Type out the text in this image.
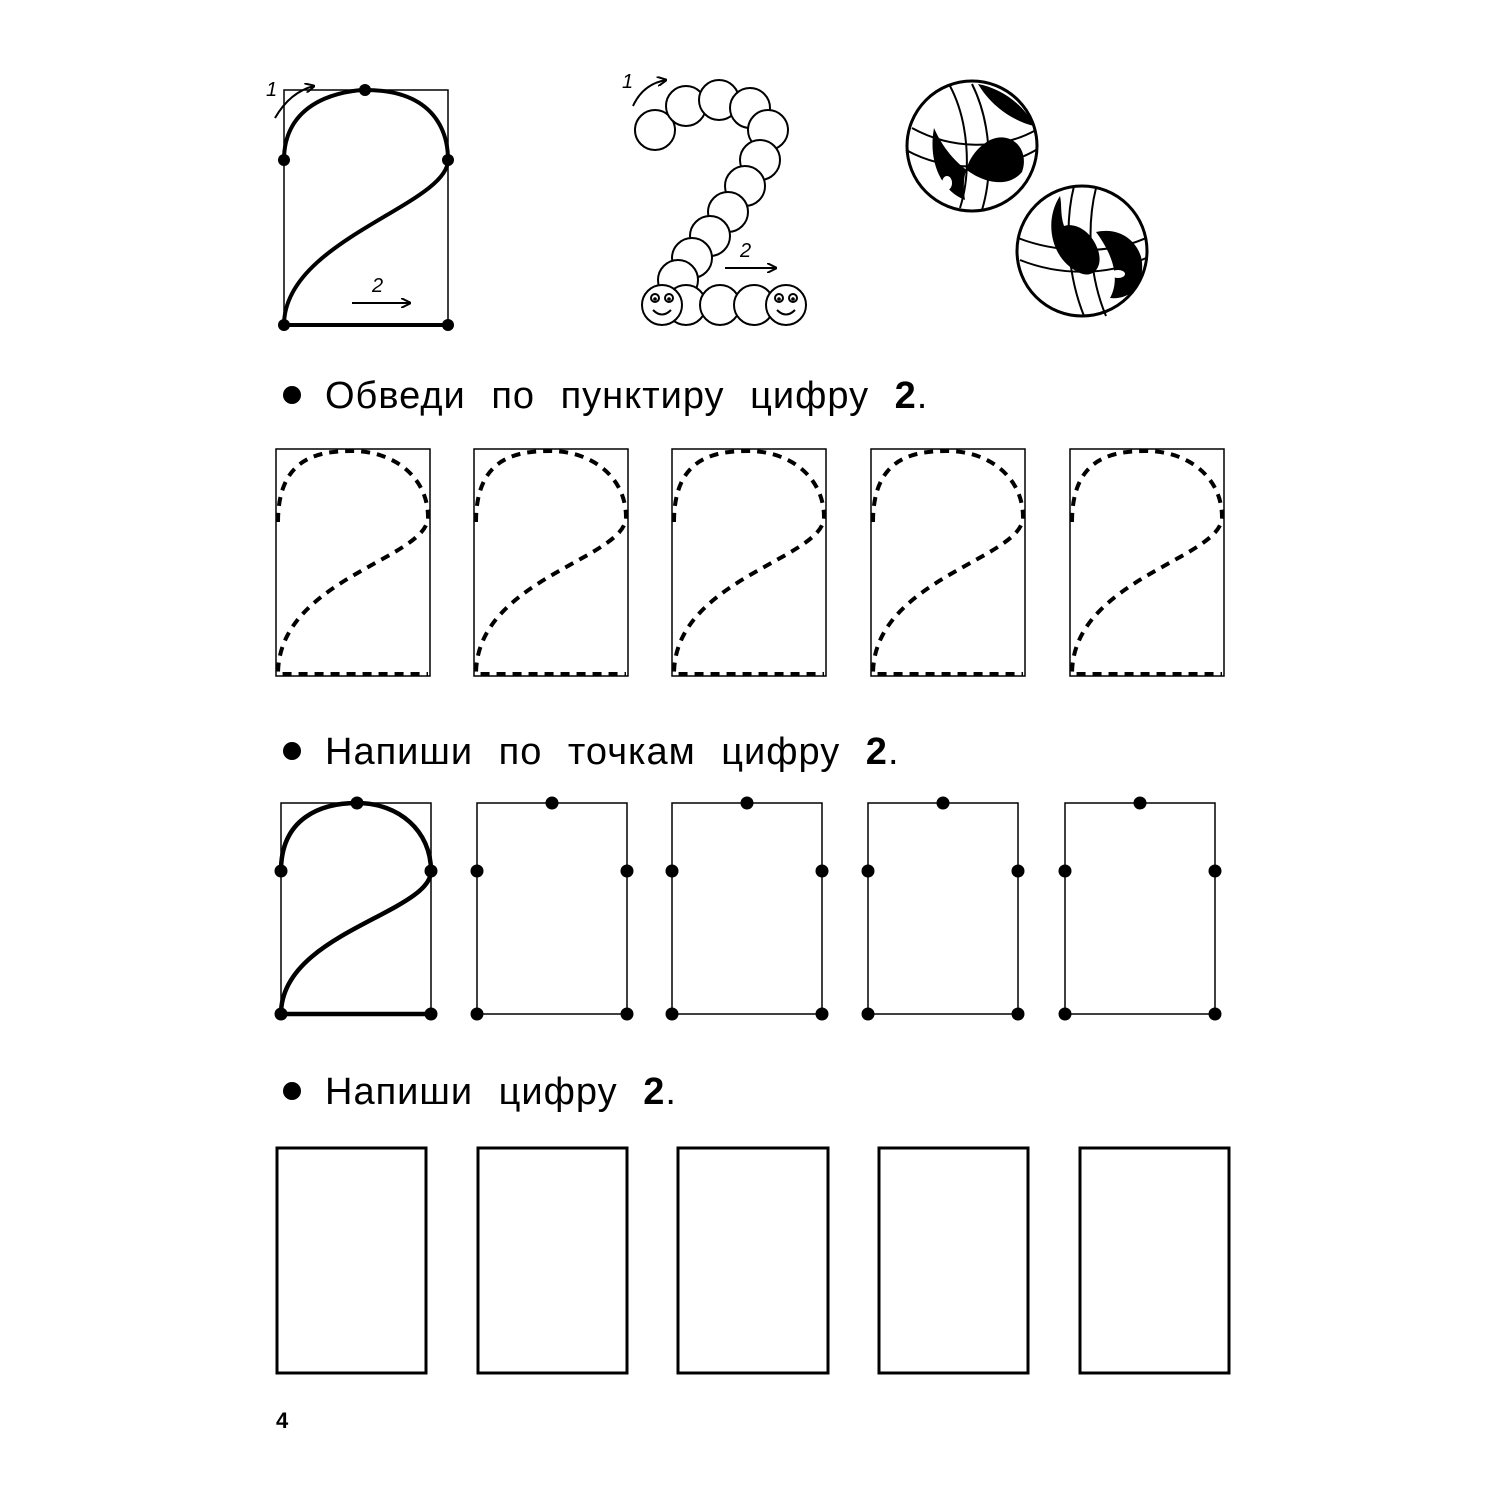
Обведи по пунктиру цифру 2.
Напиши по точкам цифру 2.
Напиши цифру 2.
4
1
2
1
2
